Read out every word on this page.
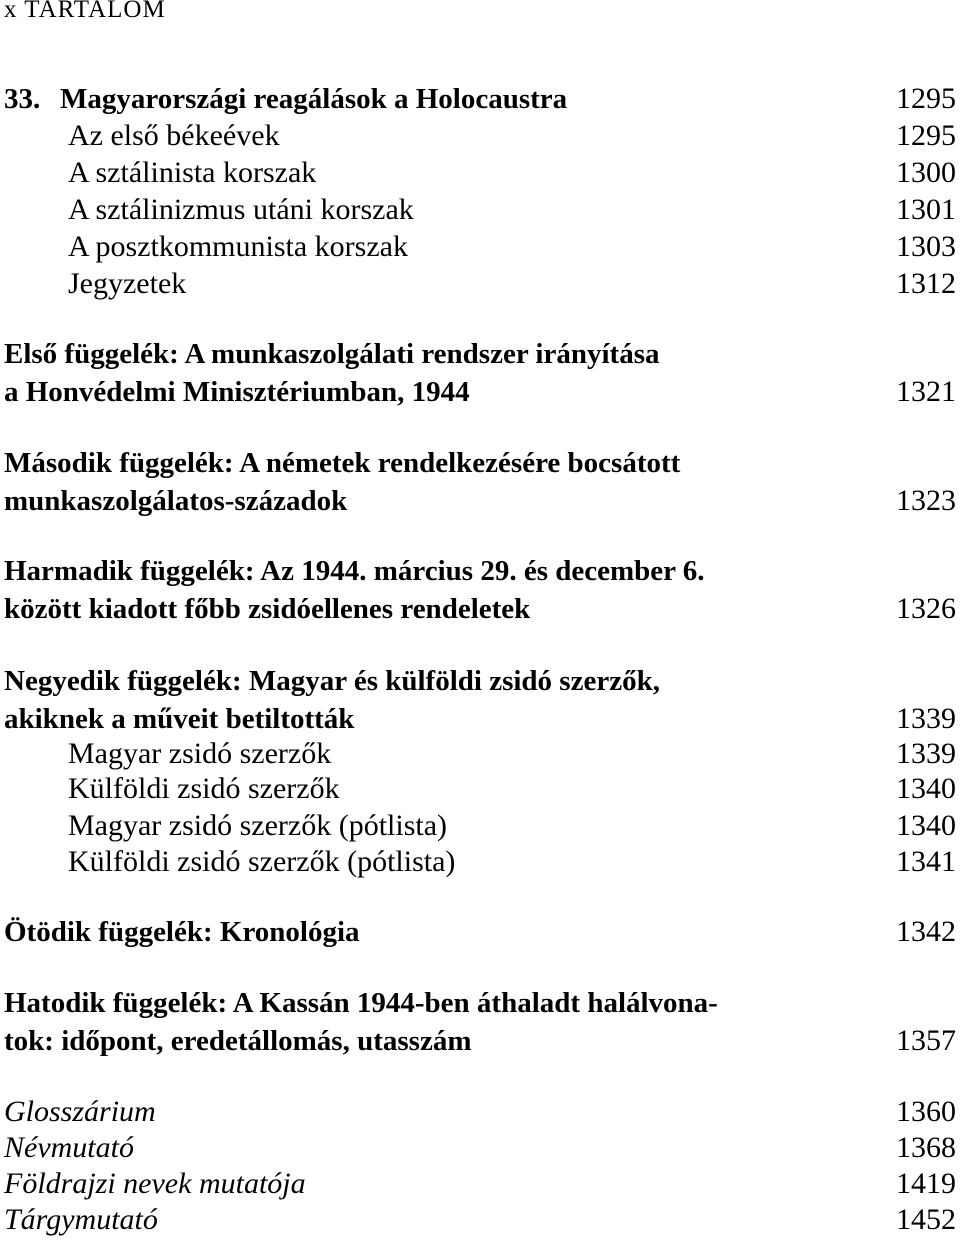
x TARTALOM
33. Magyarországi reagálások a Holocaustra	1295
Az első békeévek	1295
A sztálinista korszak	1300
A sztálinizmus utáni korszak	1301
A posztkommunista korszak	1303
Jegyzetek	1312
Első függelék: A munkaszolgálati rendszer irányítása
a Honvédelmi Minisztériumban, 1944	1321
Második függelék: A németek rendelkezésére bocsátott
munkaszolgálatos-századok	1323
Harmadik függelék: Az 1944. március 29. és december 6.
között kiadott főbb zsidóellenes rendeletek	1326
Negyedik függelék: Magyar és külföldi zsidó szerzők,
akiknek a műveit betiltották	1339
Magyar zsidó szerzők	1339
Külföldi zsidó szerzők	1340
Magyar zsidó szerzők (pótlista)	1340
Külföldi zsidó szerzők (pótlista)	1341
Ötödik függelék: Kronológia	1342
Hatodik függelék: A Kassán 1944-ben áthaladt halálvona-
tok: időpont, eredetállomás, utasszám	1357
Glosszárium	1360
Névmutató	1368
Földrajzi nevek mutatója	1419
Tárgymutató	1452
